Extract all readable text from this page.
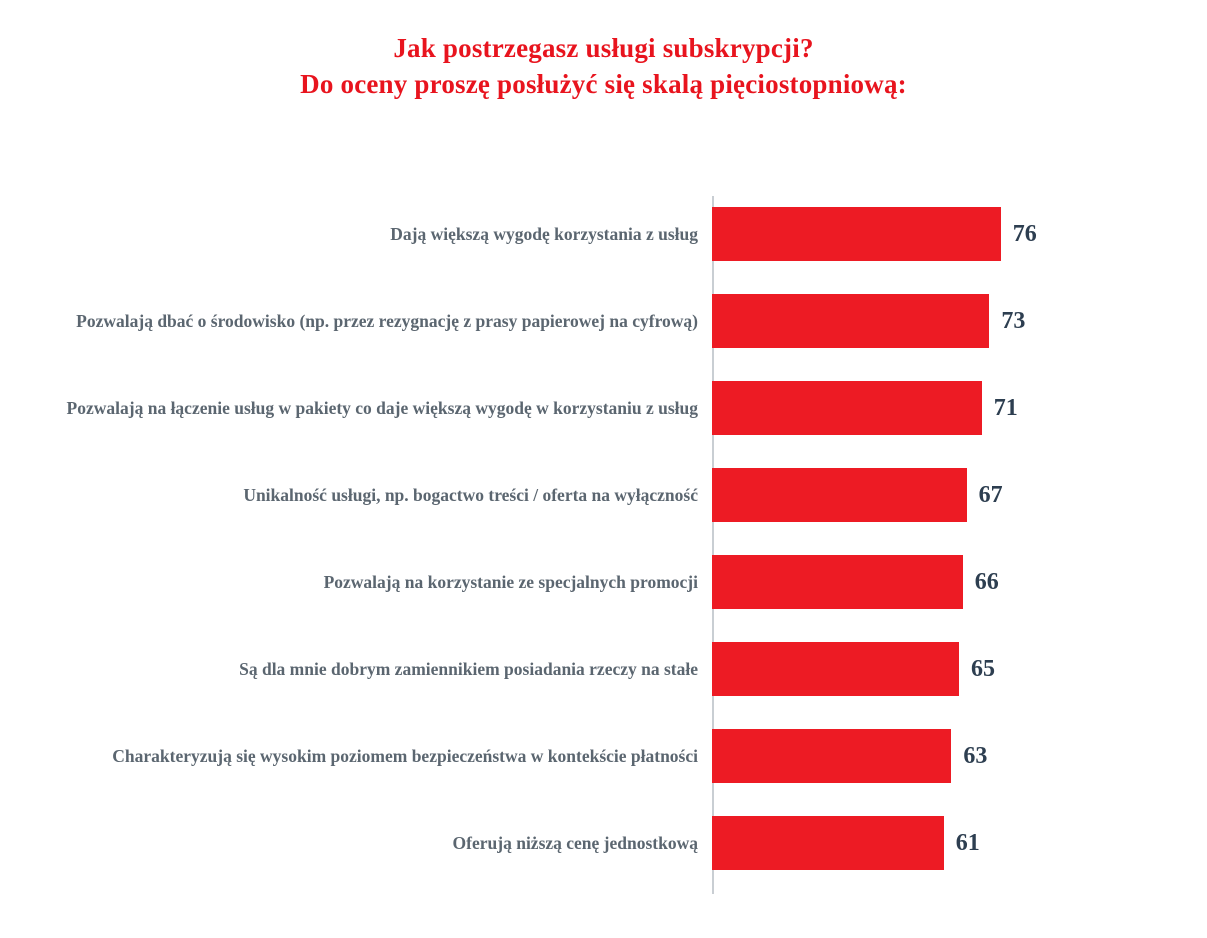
Jak postrzegasz usługi subskrypcji?
Do oceny proszę posłużyć się skalą pięciostopniową:
Dają większą wygodę korzystania z usług	76
Pozwalają dbać o środowisko (np. przez rezygnację z prasy papierowej na cyfrową)	73
Pozwalają na łączenie usług w pakiety co daje większą wygodę w korzystaniu z usług	71
Unikalność usługi, np. bogactwo treści / oferta na wyłączność	67
Pozwalają na korzystanie ze specjalnych promocji	66
Są dla mnie dobrym zamiennikiem posiadania rzeczy na stałe	65
Charakteryzują się wysokim poziomem bezpieczeństwa w kontekście płatności	63
Oferują niższą cenę jednostkową	61
